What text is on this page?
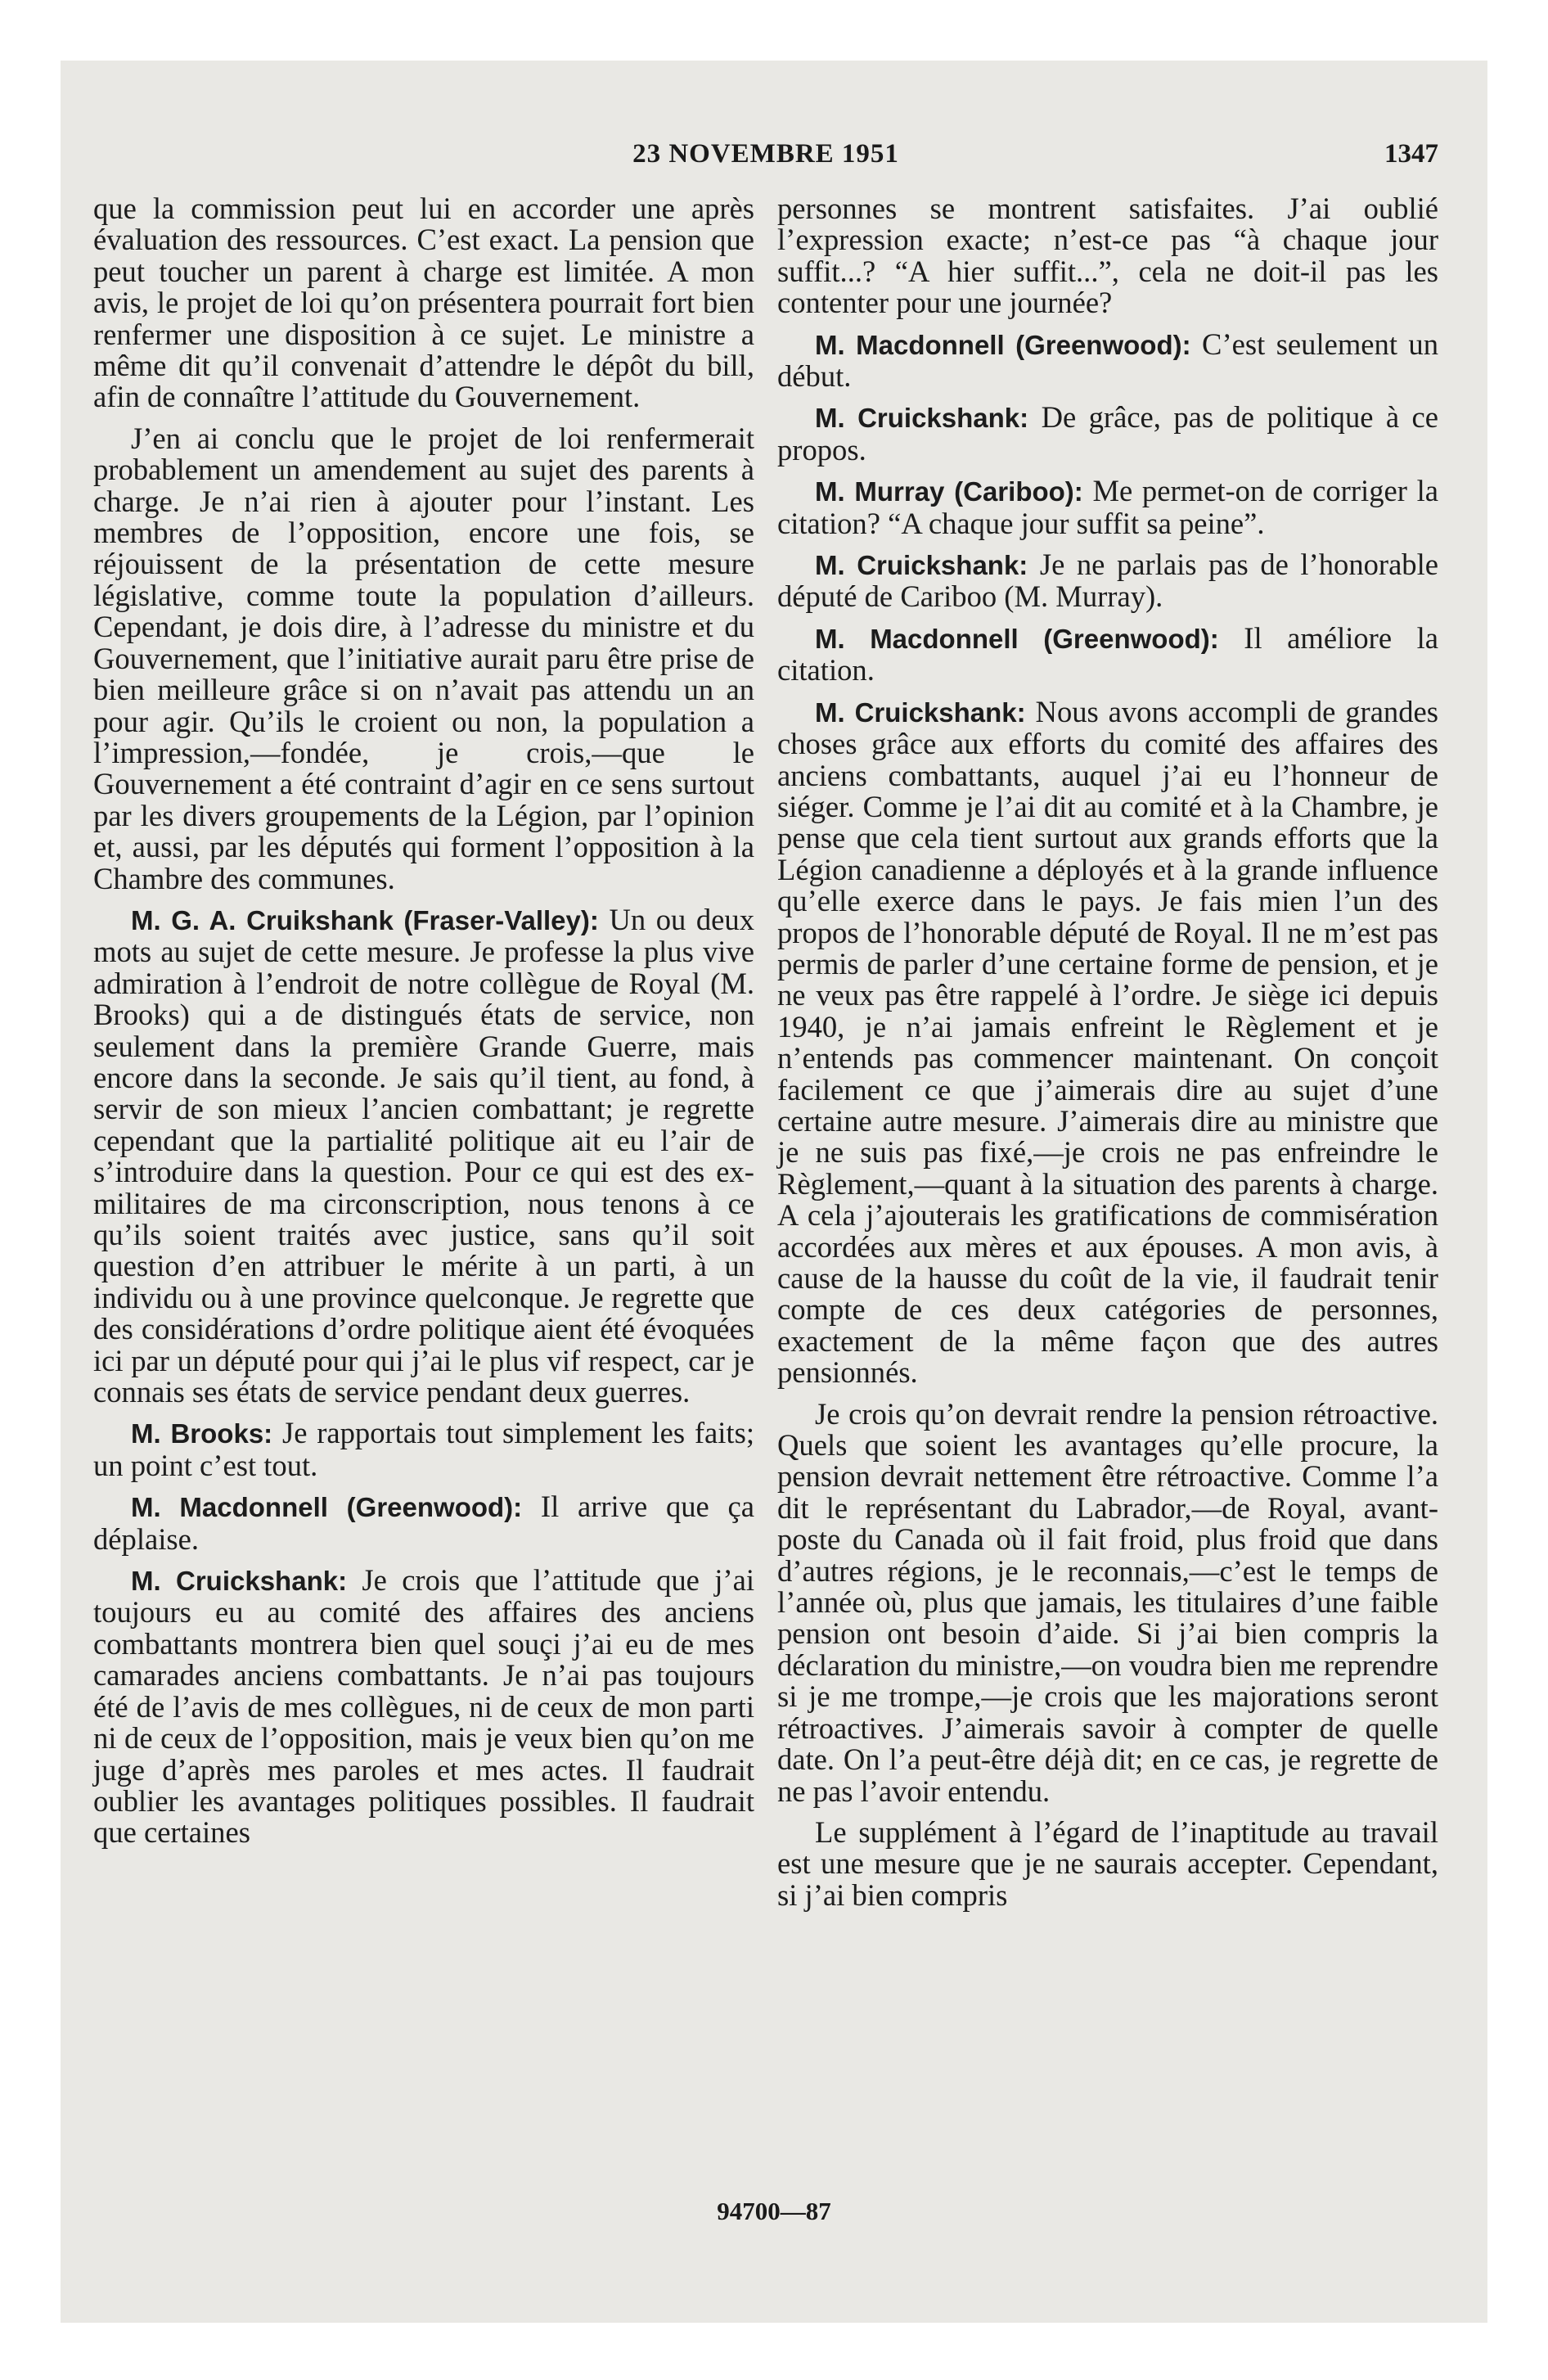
23 NOVEMBRE 1951	1347

que la commission peut lui en accorder une après évaluation des ressources. C’est exact. La pension que peut toucher un parent à charge est limitée. A mon avis, le projet de loi qu’on présentera pourrait fort bien renfermer une disposition à ce sujet. Le ministre a même dit qu’il convenait d’attendre le dépôt du bill, afin de connaître l’attitude du Gouvernement.

J’en ai conclu que le projet de loi renfermerait probablement un amendement au sujet des parents à charge. Je n’ai rien à ajouter pour l’instant. Les membres de l’opposition, encore une fois, se réjouissent de la présentation de cette mesure législative, comme toute la population d’ailleurs. Cependant, je dois dire, à l’adresse du ministre et du Gouvernement, que l’initiative aurait paru être prise de bien meilleure grâce si on n’avait pas attendu un an pour agir. Qu’ils le croient ou non, la population a l’impression,—fondée, je crois,—que le Gouvernement a été contraint d’agir en ce sens surtout par les divers groupements de la Légion, par l’opinion et, aussi, par les députés qui forment l’opposition à la Chambre des communes.

M. G. A. Cruikshank (Fraser-Valley): Un ou deux mots au sujet de cette mesure. Je professe la plus vive admiration à l’endroit de notre collègue de Royal (M. Brooks) qui a de distingués états de service, non seulement dans la première Grande Guerre, mais encore dans la seconde. Je sais qu’il tient, au fond, à servir de son mieux l’ancien combattant; je regrette cependant que la partialité politique ait eu l’air de s’introduire dans la question. Pour ce qui est des ex-militaires de ma circonscription, nous tenons à ce qu’ils soient traités avec justice, sans qu’il soit question d’en attribuer le mérite à un parti, à un individu ou à une province quelconque. Je regrette que des considérations d’ordre politique aient été évoquées ici par un député pour qui j’ai le plus vif respect, car je connais ses états de service pendant deux guerres.

M. Brooks: Je rapportais tout simplement les faits; un point c’est tout.

M. Macdonnell (Greenwood): Il arrive que ça déplaise.

M. Cruickshank: Je crois que l’attitude que j’ai toujours eu au comité des affaires des anciens combattants montrera bien quel souçi j’ai eu de mes camarades anciens combattants. Je n’ai pas toujours été de l’avis de mes collègues, ni de ceux de mon parti ni de ceux de l’opposition, mais je veux bien qu’on me juge d’après mes paroles et mes actes. Il faudrait oublier les avantages politiques possibles. Il faudrait que certaines

personnes se montrent satisfaites. J’ai oublié l’expression exacte; n’est-ce pas “à chaque jour suffit...? “A hier suffit...”, cela ne doit-il pas les contenter pour une journée?

M. Macdonnell (Greenwood): C’est seulement un début.

M. Cruickshank: De grâce, pas de politique à ce propos.

M. Murray (Cariboo): Me permet-on de corriger la citation? “A chaque jour suffit sa peine”.

M. Cruickshank: Je ne parlais pas de l’honorable député de Cariboo (M. Murray).

M. Macdonnell (Greenwood): Il améliore la citation.

M. Cruickshank: Nous avons accompli de grandes choses grâce aux efforts du comité des affaires des anciens combattants, auquel j’ai eu l’honneur de siéger. Comme je l’ai dit au comité et à la Chambre, je pense que cela tient surtout aux grands efforts que la Légion canadienne a déployés et à la grande influence qu’elle exerce dans le pays. Je fais mien l’un des propos de l’honorable député de Royal. Il ne m’est pas permis de parler d’une certaine forme de pension, et je ne veux pas être rappelé à l’ordre. Je siège ici depuis 1940, je n’ai jamais enfreint le Règlement et je n’entends pas commencer maintenant. On conçoit facilement ce que j’aimerais dire au sujet d’une certaine autre mesure. J’aimerais dire au ministre que je ne suis pas fixé,—je crois ne pas enfreindre le Règlement,—quant à la situation des parents à charge. A cela j’ajouterais les gratifications de commisération accordées aux mères et aux épouses. A mon avis, à cause de la hausse du coût de la vie, il faudrait tenir compte de ces deux catégories de personnes, exactement de la même façon que des autres pensionnés.

Je crois qu’on devrait rendre la pension rétroactive. Quels que soient les avantages qu’elle procure, la pension devrait nettement être rétroactive. Comme l’a dit le représentant du Labrador,—de Royal, avant-poste du Canada où il fait froid, plus froid que dans d’autres régions, je le reconnais,—c’est le temps de l’année où, plus que jamais, les titulaires d’une faible pension ont besoin d’aide. Si j’ai bien compris la déclaration du ministre,—on voudra bien me reprendre si je me trompe,—je crois que les majorations seront rétroactives. J’aimerais savoir à compter de quelle date. On l’a peut-être déjà dit; en ce cas, je regrette de ne pas l’avoir entendu.

Le supplément à l’égard de l’inaptitude au travail est une mesure que je ne saurais accepter. Cependant, si j’ai bien compris

94700—87
